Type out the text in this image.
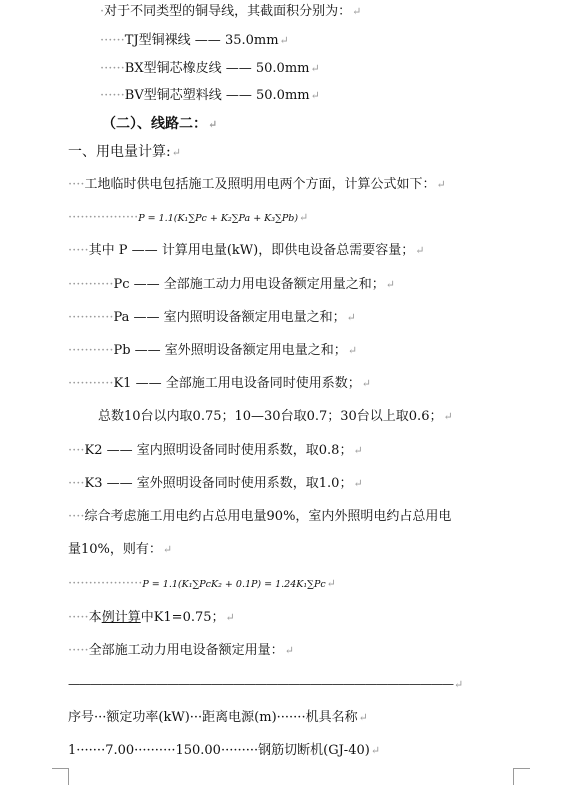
·对于不同类型的铜导线，其截面积分别为：↵
······TJ型铜裸线 —— 35.0mm↵
······BX型铜芯橡皮线 —— 50.0mm↵
······BV型铜芯塑料线 —— 50.0mm↵
（二）、线路二：↵
一、用电量计算:↵
····工地临时供电包括施工及照明用电两个方面，计算公式如下：↵
·················P = 1.1(K₁∑Pc + K₂∑Pa + K₃∑Pb)↵
·····其中 P —— 计算用电量(kW)，即供电设备总需要容量；↵
···········Pc —— 全部施工动力用电设备额定用量之和；↵
···········Pa —— 室内照明设备额定用电量之和；↵
···········Pb —— 室外照明设备额定用电量之和；↵
···········K1 —— 全部施工用电设备同时使用系数；↵
总数10台以内取0.75；10—30台取0.7；30台以上取0.6；↵
····K2 —— 室内照明设备同时使用系数，取0.8；↵
····K3 —— 室外照明设备同时使用系数，取1.0；↵
····综合考虑施工用电约占总用电量90%，室内外照明电约占总用电
量10%，则有：↵
··················P = 1.1(K₁∑PcK₂ + 0.1P) = 1.24K₁∑Pc↵
·····本例计算中K1=0.75；↵
·····全部施工动力用电设备额定用量：↵
———————————————————————————————————↵
序号···额定功率(kW)···距离电源(m)·······机具名称↵
1·······7.00··········150.00·········钢筋切断机(GJ-40)↵
